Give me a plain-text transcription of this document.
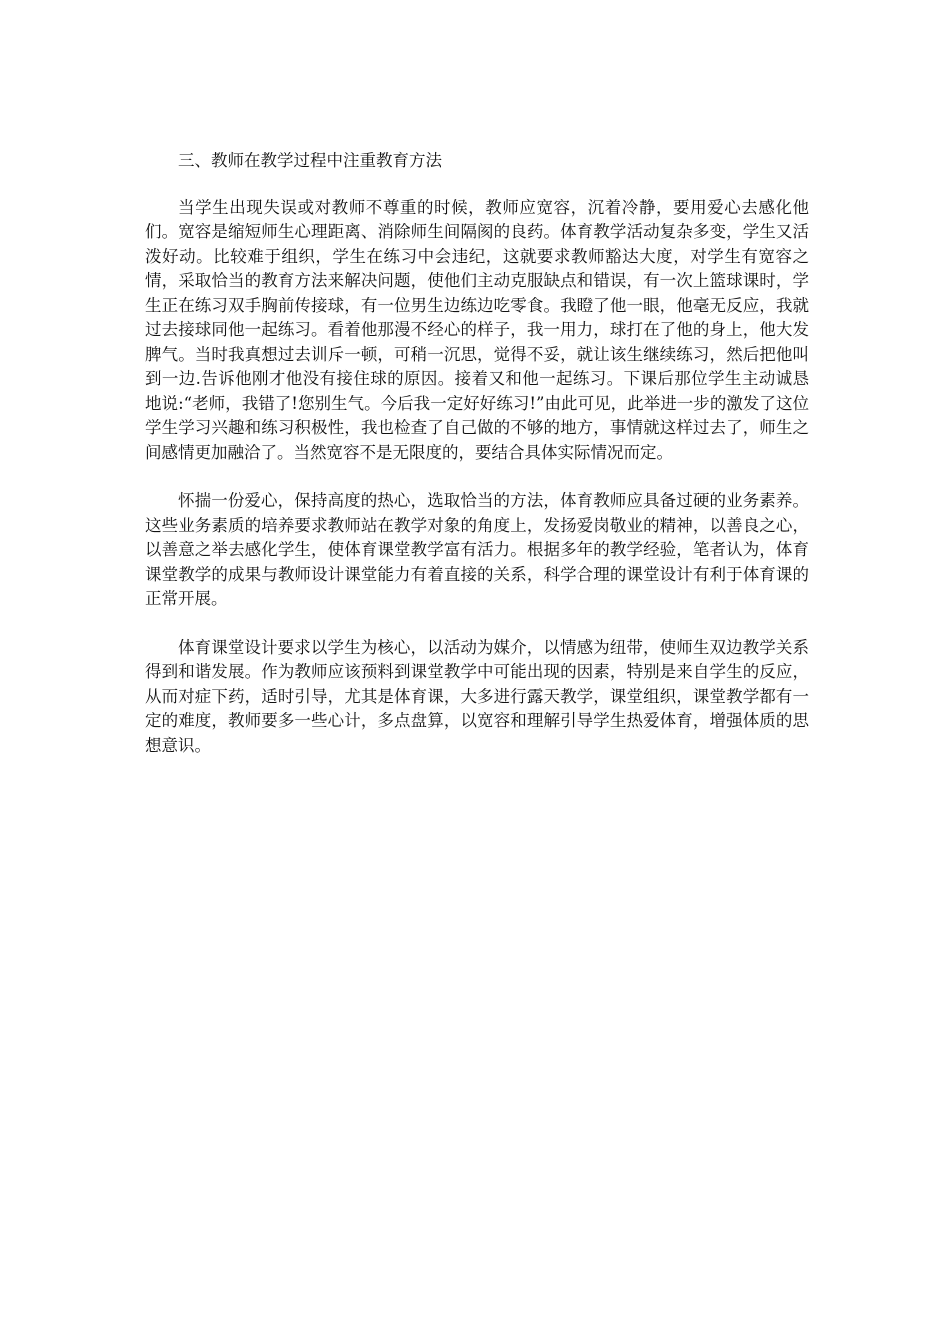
三、教师在教学过程中注重教育方法

当学生出现失误或对教师不尊重的时候，教师应宽容，沉着冷静，要用爱心去感化他们。宽容是缩短师生心理距离、消除师生间隔阂的良药。体育教学活动复杂多变，学生又活泼好动。比较难于组织，学生在练习中会违纪，这就要求教师豁达大度，对学生有宽容之情，采取恰当的教育方法来解决问题，使他们主动克服缺点和错误，有一次上篮球课时，学生正在练习双手胸前传接球，有一位男生边练边吃零食。我瞪了他一眼，他毫无反应，我就过去接球同他一起练习。看着他那漫不经心的样子，我一用力，球打在了他的身上，他大发脾气。当时我真想过去训斥一顿，可稍一沉思，觉得不妥，就让该生继续练习，然后把他叫到一边.告诉他刚才他没有接住球的原因。接着又和他一起练习。下课后那位学生主动诚恳地说:“老师，我错了!您别生气。今后我一定好好练习!”由此可见，此举进一步的激发了这位学生学习兴趣和练习积极性，我也检查了自己做的不够的地方，事情就这样过去了，师生之间感情更加融洽了。当然宽容不是无限度的，要结合具体实际情况而定。

怀揣一份爱心，保持高度的热心，选取恰当的方法，体育教师应具备过硬的业务素养。这些业务素质的培养要求教师站在教学对象的角度上，发扬爱岗敬业的精神，以善良之心，以善意之举去感化学生，使体育课堂教学富有活力。根据多年的教学经验，笔者认为，体育课堂教学的成果与教师设计课堂能力有着直接的关系，科学合理的课堂设计有利于体育课的正常开展。

体育课堂设计要求以学生为核心，以活动为媒介，以情感为纽带，使师生双边教学关系得到和谐发展。作为教师应该预料到课堂教学中可能出现的因素，特别是来自学生的反应，从而对症下药，适时引导，尤其是体育课，大多进行露天教学，课堂组织，课堂教学都有一定的难度，教师要多一些心计，多点盘算，以宽容和理解引导学生热爱体育，增强体质的思想意识。
